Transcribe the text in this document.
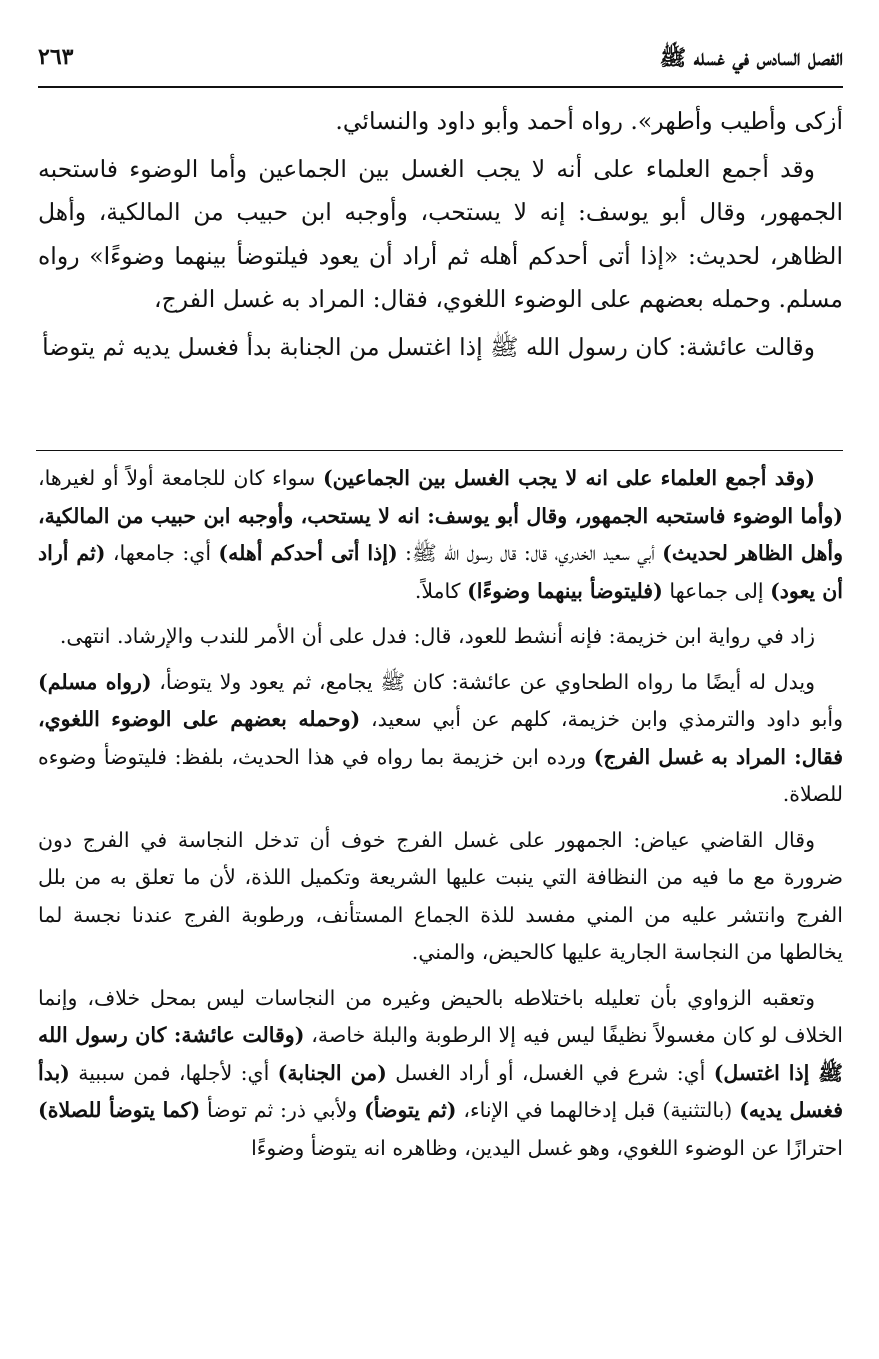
الفصل السادس في غسله ﷺ
٢٦٣

أزكى وأطيب وأطهر». رواه أحمد وأبو داود والنسائي.

وقد أجمع العلماء على أنه لا يجب الغسل بين الجماعين وأما الوضوء فاستحبه الجمهور، وقال أبو يوسف: إنه لا يستحب، وأوجبه ابن حبيب من المالكية، وأهل الظاهر، لحديث: «إذا أتى أحدكم أهله ثم أراد أن يعود فيلتوضأ بينهما وضوءًا» رواه مسلم. وحمله بعضهم على الوضوء اللغوي، فقال: المراد به غسل الفرج،

وقالت عائشة: كان رسول الله ﷺ إذا اغتسل من الجنابة بدأ فغسل يديه ثم يتوضأ

(وقد أجمع العلماء على انه لا يجب الغسل بين الجماعين) سواء كان للجامعة أولاً أو لغيرها، (وأما الوضوء فاستحبه الجمهور، وقال أبو يوسف: انه لا يستحب، وأوجبه ابن حبيب من المالكية، وأهل الظاهر لحديث) أبي سعيد الخدري، قال: قال رسول الله ﷺ: (إذا أتى أحدكم أهله) أي: جامعها، (ثم أراد أن يعود) إلى جماعها (فليتوضأ بينهما وضوءًا) كاملاً.

زاد في رواية ابن خزيمة: فإنه أنشط للعود، قال: فدل على أن الأمر للندب والإرشاد. انتهى.

ويدل له أيضًا ما رواه الطحاوي عن عائشة: كان ﷺ يجامع، ثم يعود ولا يتوضأ، (رواه مسلم) وأبو داود والترمذي وابن خزيمة، كلهم عن أبي سعيد، (وحمله بعضهم على الوضوء اللغوي، فقال: المراد به غسل الفرج) ورده ابن خزيمة بما رواه في هذا الحديث، بلفظ: فليتوضأ وضوءه للصلاة.

وقال القاضي عياض: الجمهور على غسل الفرج خوف أن تدخل النجاسة في الفرج دون ضرورة مع ما فيه من النظافة التي ينبت عليها الشريعة وتكميل اللذة، لأن ما تعلق به من بلل الفرج وانتشر عليه من المني مفسد للذة الجماع المستأنف، ورطوبة الفرج عندنا نجسة لما يخالطها من النجاسة الجارية عليها كالحيض، والمني.

وتعقبه الزواوي بأن تعليله باختلاطه بالحيض وغيره من النجاسات ليس بمحل خلاف، وإنما الخلاف لو كان مغسولاً نظيفًا ليس فيه إلا الرطوبة والبلة خاصة، (وقالت عائشة: كان رسول الله ﷺ إذا اغتسل) أي: شرع في الغسل، أو أراد الغسل (من الجنابة) أي: لأجلها، فمن سببية (بدأ فغسل يديه) (بالتثنية) قبل إدخالهما في الإناء، (ثم يتوضأ) ولأبي ذر: ثم توضأ (كما يتوضأ للصلاة) احترازًا عن الوضوء اللغوي، وهو غسل اليدين، وظاهره انه يتوضأ وضوءًا
